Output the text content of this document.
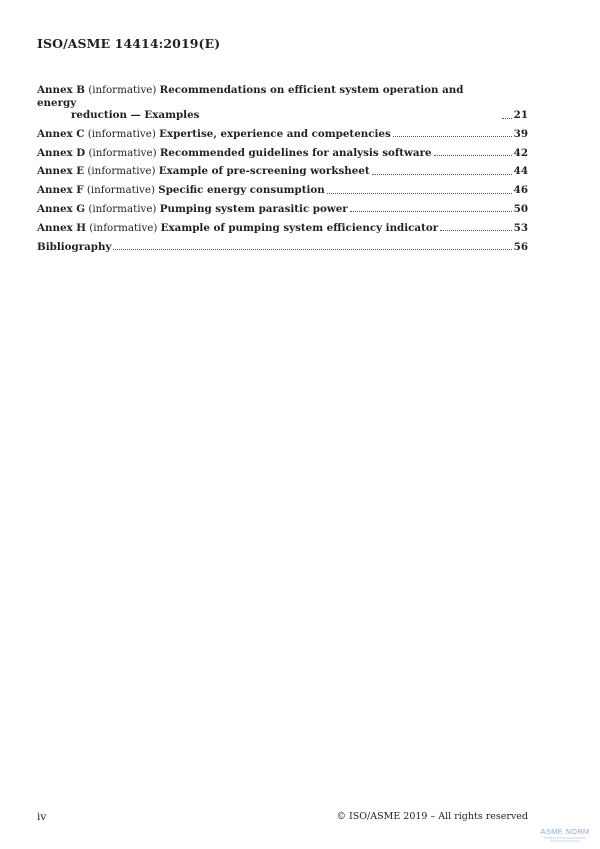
ISO/ASME 14414:2019(E)
Annex B (informative) Recommendations on efficient system operation and energy
reduction — Examples	21
Annex C (informative) Expertise, experience and competencies	39
Annex D (informative) Recommended guidelines for analysis software	42
Annex E (informative) Example of pre-screening worksheet	44
Annex F (informative) Specific energy consumption	46
Annex G (informative) Pumping system parasitic power	50
Annex H (informative) Example of pumping system efficiency indicator	53
Bibliography	56
iv	© ISO/ASME 2019 – All rights reserved
ASME NORM
